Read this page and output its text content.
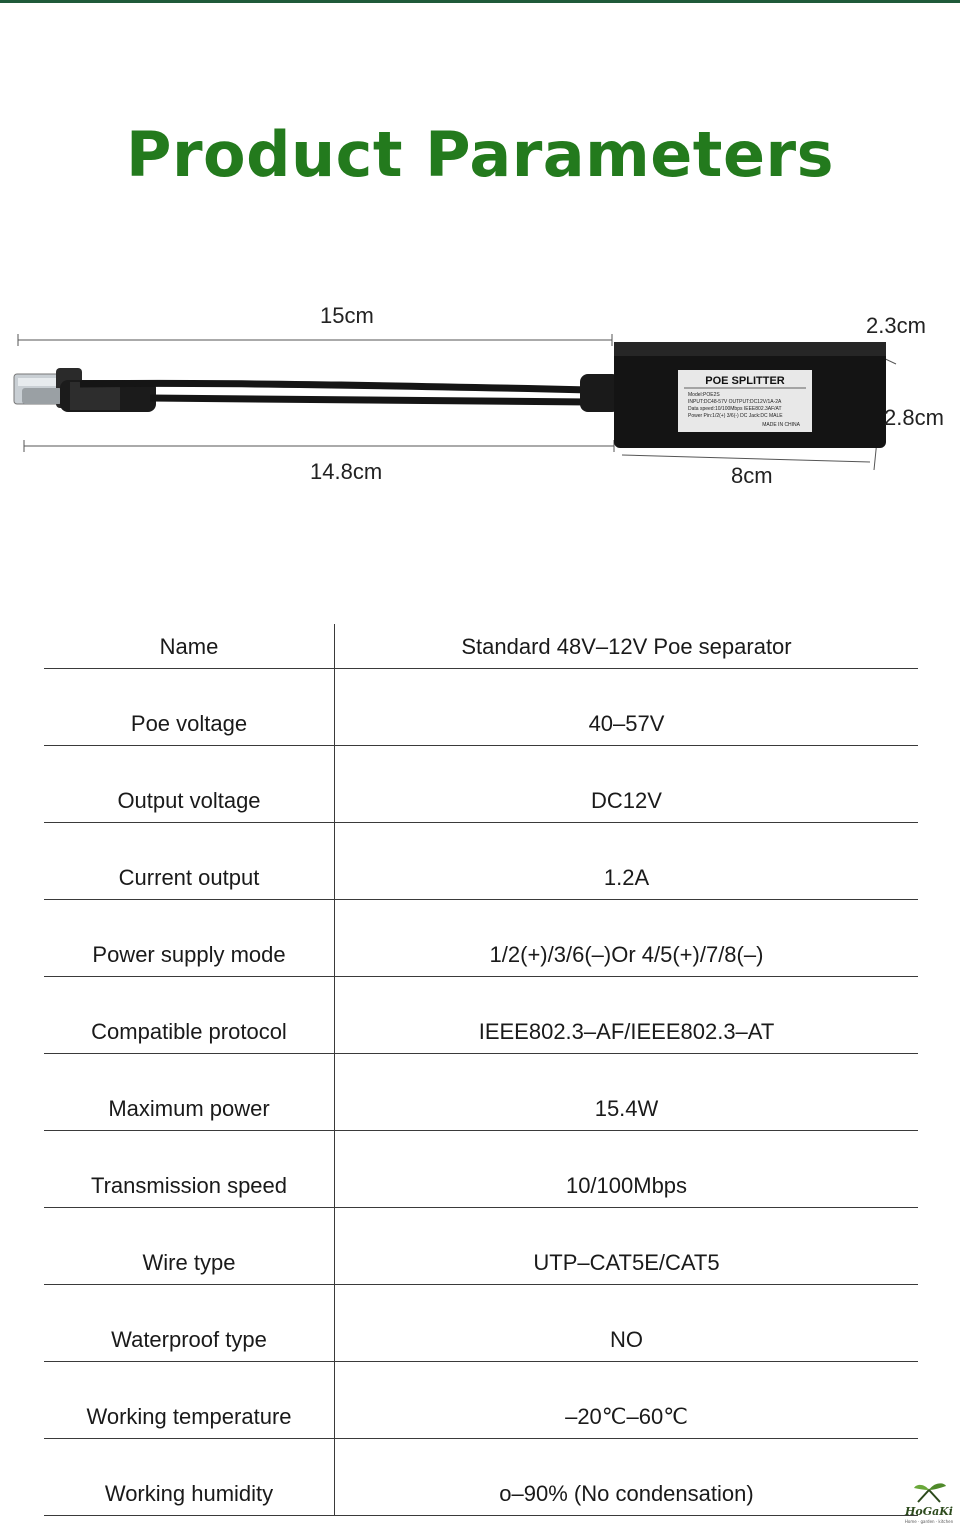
Product Parameters
POE SPLITTER
Model:POE2S
INPUT:DC48-57V OUTPUT:DC12V/1A-2A
Data speed:10/100Mbps IEEE802.3AF/AT
Power Pin:1/2(+) 3/6(-) DC Jack:DC MALE
MADE IN CHINA
15cm
14.8cm	8cm
2.3cm
2.8cm
Name	Standard 48V–12V Poe separator
Poe voltage	40–57V
Output voltage	DC12V
Current output	1.2A
Power supply mode	1/2(+)/3/6(–)Or 4/5(+)/7/8(–)
Compatible protocol	IEEE802.3–AF/IEEE802.3–AT
Maximum power	15.4W
Transmission speed	10/100Mbps
Wire type	UTP–CAT5E/CAT5
Waterproof type	NO
Working temperature	–20℃–60℃
Working humidity	o–90% (No condensation)
HoGaKi
Home · garden · kitchen
